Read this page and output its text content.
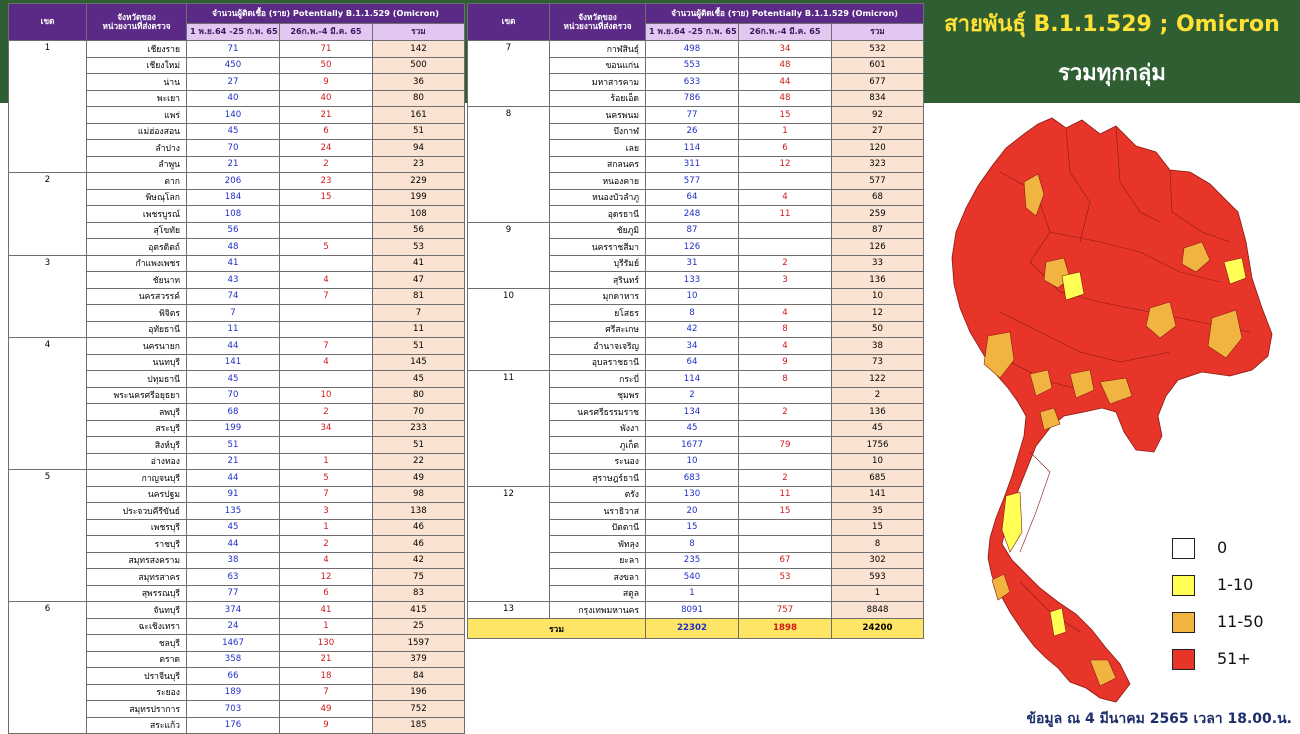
เขต	จังหวัดของ
หน่วยงานที่ส่งตรวจ	จำนวนผู้ติดเชื้อ (ราย) Potentially B.1.1.529 (Omicron)		
		1 พ.ย.64 -25 ก.พ. 65	26ก.พ.-4 มี.ค. 65	รวม
1	เชียงราย	71	71	142
	เชียงใหม่	450	50	500
	น่าน	27	9	36
	พะเยา	40	40	80
	แพร่	140	21	161
	แม่ฮ่องสอน	45	6	51
	ลำปาง	70	24	94
	ลำพูน	21	2	23
2	ตาก	206	23	229
	พิษณุโลก	184	15	199
	เพชรบูรณ์	108		108
	สุโขทัย	56		56
	อุตรดิตถ์	48	5	53
3	กำแพงเพชร	41		41
	ชัยนาท	43	4	47
	นครสวรรค์	74	7	81
	พิจิตร	7		7
	อุทัยธานี	11		11
4	นครนายก	44	7	51
	นนทบุรี	141	4	145
	ปทุมธานี	45		45
	พระนครศรีอยุธยา	70	10	80
	ลพบุรี	68	2	70
	สระบุรี	199	34	233
	สิงห์บุรี	51		51
	อ่างทอง	21	1	22
5	กาญจนบุรี	44	5	49
	นครปฐม	91	7	98
	ประจวบคีรีขันธ์	135	3	138
	เพชรบุรี	45	1	46
	ราชบุรี	44	2	46
	สมุทรสงคราม	38	4	42
	สมุทรสาคร	63	12	75
	สุพรรณบุรี	77	6	83
6	จันทบุรี	374	41	415
	ฉะเชิงเทรา	24	1	25
	ชลบุรี	1467	130	1597
	ตราด	358	21	379
	ปราจีนบุรี	66	18	84
	ระยอง	189	7	196
	สมุทรปราการ	703	49	752
	สระแก้ว	176	9	185
เขต	จังหวัดของ
หน่วยงานที่ส่งตรวจ	จำนวนผู้ติดเชื้อ (ราย) Potentially B.1.1.529 (Omicron)		
		1 พ.ย.64 -25 ก.พ. 65	26ก.พ.-4 มี.ค. 65	รวม
7	กาฬสินธุ์	498	34	532
	ขอนแก่น	553	48	601
	มหาสารคาม	633	44	677
	ร้อยเอ็ด	786	48	834
8	นครพนม	77	15	92
	บึงกาฬ	26	1	27
	เลย	114	6	120
	สกลนคร	311	12	323
	หนองคาย	577		577
	หนองบัวลำภู	64	4	68
	อุดรธานี	248	11	259
9	ชัยภูมิ	87		87
	นครราชสีมา	126		126
	บุรีรัมย์	31	2	33
	สุรินทร์	133	3	136
10	มุกดาหาร	10		10
	ยโสธร	8	4	12
	ศรีสะเกษ	42	8	50
	อำนาจเจริญ	34	4	38
	อุบลราชธานี	64	9	73
11	กระบี่	114	8	122
	ชุมพร	2		2
	นครศรีธรรมราช	134	2	136
	พังงา	45		45
	ภูเก็ต	1677	79	1756
	ระนอง	10		10
	สุราษฎร์ธานี	683	2	685
12	ตรัง	130	11	141
	นราธิวาส	20	15	35
	ปัตตานี	15		15
	พัทลุง	8		8
	ยะลา	235	67	302
	สงขลา	540	53	593
	สตูล	1		1
13	กรุงเทพมหานคร	8091	757	8848
รวม		22302	1898	24200
สายพันธุ์ B.1.1.529 ; Omicron
รวมทุกกลุ่ม
0
1-10
11-50
51+
ข้อมูล ณ 4 มีนาคม 2565 เวลา 18.00.น.
